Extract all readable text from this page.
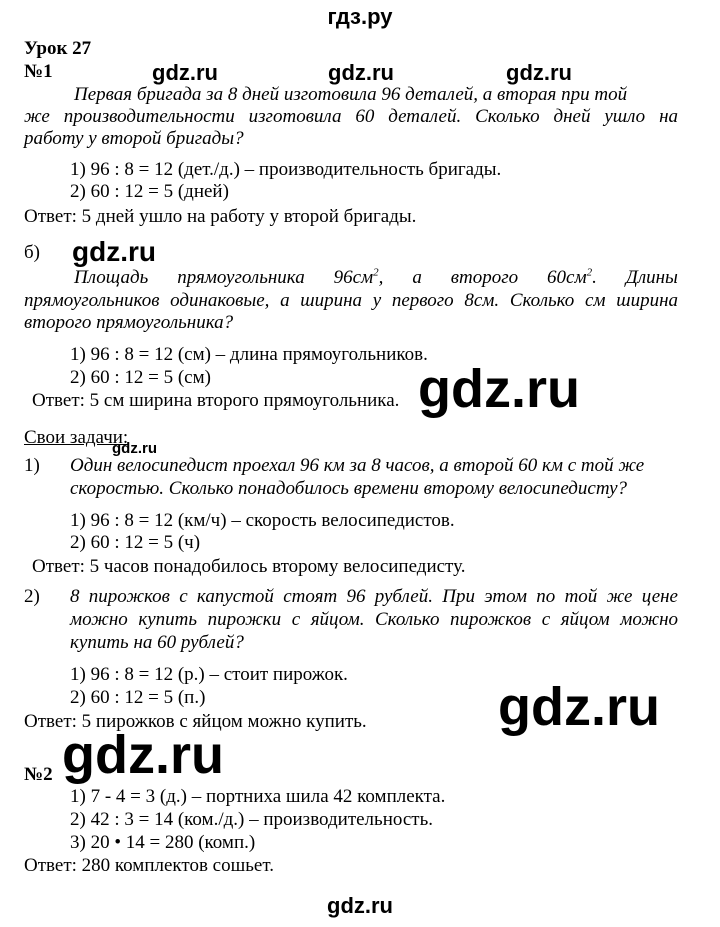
гдз.ру
Урок 27
№1	gdz.ru	gdz.ru	gdz.ru
Первая бригада за 8 дней изготовила 96 деталей, а вторая при той
же производительности изготовила 60 деталей. Сколько дней ушло на
работу у второй бригады?
1) 96 : 8 = 12 (дет./д.) – производительность бригады.
2) 60 : 12 = 5 (дней)
Ответ: 5 дней ушло на работу у второй бригады.
б) gdz.ru
Площадь прямоугольника $96см^2$, а второго $60см^2$. Длины
прямоугольников одинаковые, а ширина у первого 8см. Сколько см ширина
второго прямоугольника?
1) 96 : 8 = 12 (см) – длина прямоугольников.
2) 60 : 12 = 5 (см)
Ответ: 5 см ширина второго прямоугольника. gdz.ru
Свои задачи:
gdz.ru
1) Один велосипедист проехал 96 км за 8 часов, а второй 60 км с той же
скоростью. Сколько понадобилось времени второму велосипедисту?
1) 96 : 8 = 12 (км/ч) – скорость велосипедистов.
2) 60 : 12 = 5 (ч)
Ответ: 5 часов понадобилось второму велосипедисту.
2) 8 пирожков с капустой стоят 96 рублей. При этом по той же цене
можно купить пирожки с яйцом. Сколько пирожков с яйцом можно
купить на 60 рублей?
1) 96 : 8 = 12 (р.) – стоит пирожок.
2) 60 : 12 = 5 (п.)
Ответ: 5 пирожков с яйцом можно купить. gdz.ru
gdz.ru
№2
1) 7 - 4 = 3 (д.) – портниха шила 42 комплекта.
2) 42 : 3 = 14 (ком./д.) – производительность.
3) 20 • 14 = 280 (комп.)
Ответ: 280 комплектов сошьет.
gdz.ru
